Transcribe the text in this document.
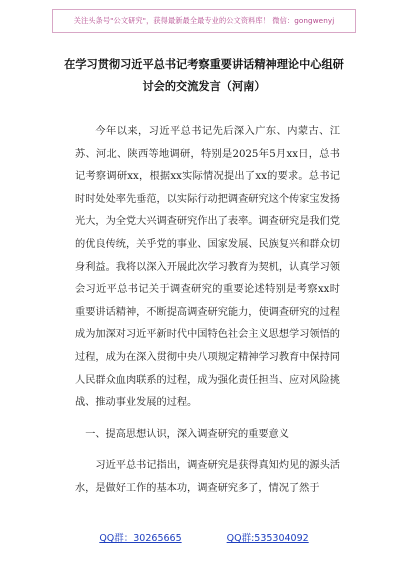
关注头条号"公文研究"，获得最新最全最专业的公文资料库！ 微信：gongwenyj
在学习贯彻习近平总书记考察重要讲话精神理论中心组研
讨会的交流发言（河南）

今年以来，习近平总书记先后深入广东、内蒙古、江苏、河北、陕西等地调研，特别是2025年5月xx日，总书记考察调研xx，根据xx实际情况提出了xx的要求。总书记时时处处率先垂范，以实际行动把调查研究这个传家宝发扬光大，为全党大兴调查研究作出了表率。调查研究是我们党的优良传统，关乎党的事业、国家发展、民族复兴和群众切身利益。我将以深入开展此次学习教育为契机，认真学习领会习近平总书记关于调查研究的重要论述特别是考察xx时重要讲话精神，不断提高调查研究能力，使调查研究的过程成为加深对习近平新时代中国特色社会主义思想学习领悟的过程，成为在深入贯彻中央八项规定精神学习教育中保持同人民群众血肉联系的过程，成为强化责任担当、应对风险挑战、推动事业发展的过程。

一、提高思想认识，深入调查研究的重要意义

习近平总书记指出，调查研究是获得真知灼见的源头活水，是做好工作的基本功，调查研究多了，情况了然于

QQ群：30265665	QQ群:535304092
